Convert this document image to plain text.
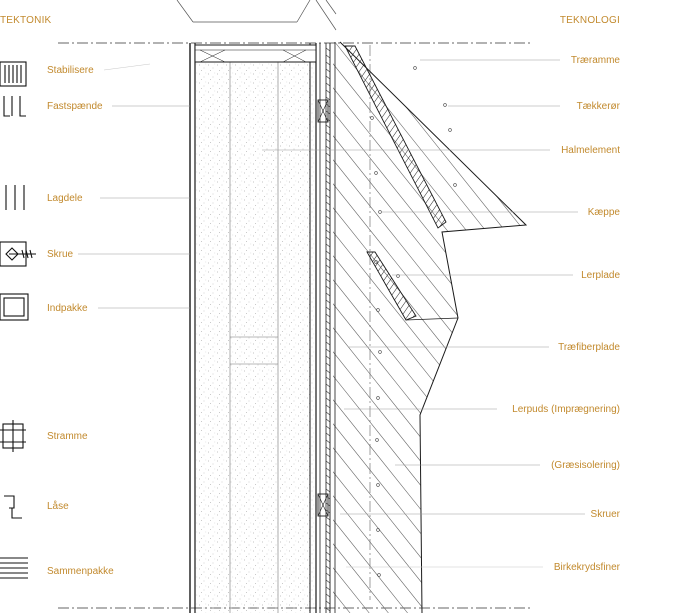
TEKTONIK	TEKNOLOGI
Stabilisere
Fastspænde
Lagdele
Skrue
Indpakke
Stramme
Låse
Sammenpakke
Træramme
Tækkerør
Halmelement
Kæppe
Lerplade
Træfiberplade
Lerpuds (Imprægnering)
(Græsisolering)
Skruer
Birkekrydsfiner
